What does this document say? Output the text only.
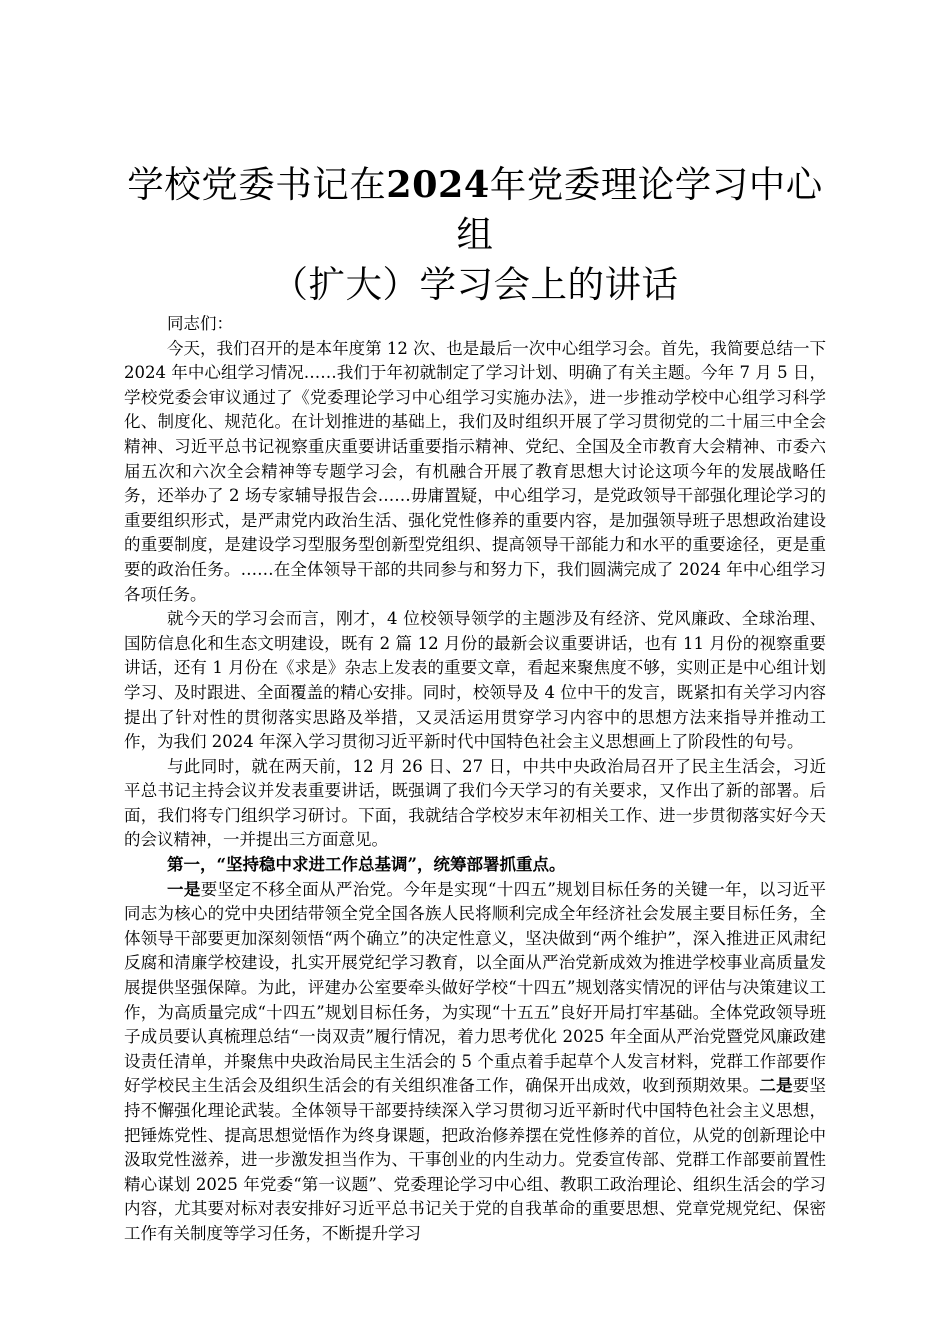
学校党委书记在2024年党委理论学习中心组
（扩大）学习会上的讲话

同志们：

今天，我们召开的是本年度第 12 次、也是最后一次中心组学习会。首先，我简要总结一下 2024 年中心组学习情况……我们于年初就制定了学习计划、明确了有关主题。今年 7 月 5 日，学校党委会审议通过了《党委理论学习中心组学习实施办法》，进一步推动学校中心组学习科学化、制度化、规范化。在计划推进的基础上，我们及时组织开展了学习贯彻党的二十届三中全会精神、习近平总书记视察重庆重要讲话重要指示精神、党纪、全国及全市教育大会精神、市委六届五次和六次全会精神等专题学习会，有机融合开展了教育思想大讨论这项今年的发展战略任务，还举办了 2 场专家辅导报告会……毋庸置疑，中心组学习，是党政领导干部强化理论学习的重要组织形式，是严肃党内政治生活、强化党性修养的重要内容，是加强领导班子思想政治建设的重要制度，是建设学习型服务型创新型党组织、提高领导干部能力和水平的重要途径，更是重要的政治任务。……在全体领导干部的共同参与和努力下，我们圆满完成了 2024 年中心组学习各项任务。

就今天的学习会而言，刚才，4 位校领导领学的主题涉及有经济、党风廉政、全球治理、国防信息化和生态文明建设，既有 2 篇 12 月份的最新会议重要讲话，也有 11 月份的视察重要讲话，还有 1 月份在《求是》杂志上发表的重要文章，看起来聚焦度不够，实则正是中心组计划学习、及时跟进、全面覆盖的精心安排。同时，校领导及 4 位中干的发言，既紧扣有关学习内容提出了针对性的贯彻落实思路及举措，又灵活运用贯穿学习内容中的思想方法来指导并推动工作，为我们 2024 年深入学习贯彻习近平新时代中国特色社会主义思想画上了阶段性的句号。

与此同时，就在两天前，12 月 26 日、27 日，中共中央政治局召开了民主生活会，习近平总书记主持会议并发表重要讲话，既强调了我们今天学习的有关要求，又作出了新的部署。后面，我们将专门组织学习研讨。下面，我就结合学校岁末年初相关工作、进一步贯彻落实好今天的会议精神，一并提出三方面意见。

第一，“坚持稳中求进工作总基调”，统筹部署抓重点。

一是要坚定不移全面从严治党。今年是实现“十四五”规划目标任务的关键一年，以习近平同志为核心的党中央团结带领全党全国各族人民将顺利完成全年经济社会发展主要目标任务，全体领导干部要更加深刻领悟“两个确立”的决定性意义，坚决做到“两个维护”，深入推进正风肃纪反腐和清廉学校建设，扎实开展党纪学习教育，以全面从严治党新成效为推进学校事业高质量发展提供坚强保障。为此，评建办公室要牵头做好学校“十四五”规划落实情况的评估与决策建议工作，为高质量完成“十四五”规划目标任务，为实现“十五五”良好开局打牢基础。全体党政领导班子成员要认真梳理总结“一岗双责”履行情况，着力思考优化 2025 年全面从严治党暨党风廉政建设责任清单，并聚焦中央政治局民主生活会的 5 个重点着手起草个人发言材料，党群工作部要作好学校民主生活会及组织生活会的有关组织准备工作，确保开出成效，收到预期效果。二是要坚持不懈强化理论武装。全体领导干部要持续深入学习贯彻习近平新时代中国特色社会主义思想，把锤炼党性、提高思想觉悟作为终身课题，把政治修养摆在党性修养的首位，从党的创新理论中汲取党性滋养，进一步激发担当作为、干事创业的内生动力。党委宣传部、党群工作部要前置性精心谋划 2025 年党委“第一议题”、党委理论学习中心组、教职工政治理论、组织生活会的学习内容，尤其要对标对表安排好习近平总书记关于党的自我革命的重要思想、党章党规党纪、保密工作有关制度等学习任务，不断提升学习
